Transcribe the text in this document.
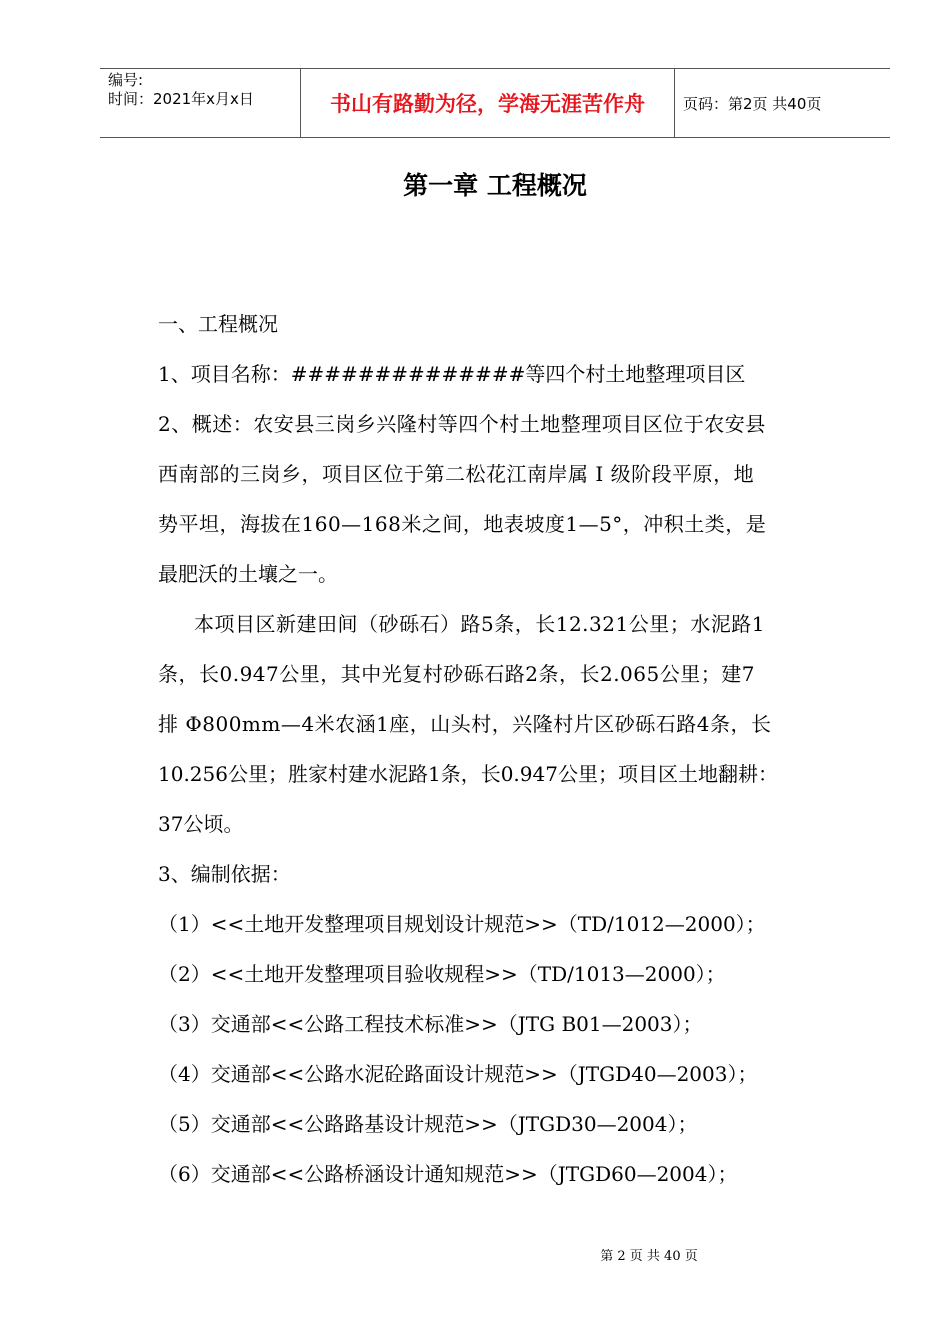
编号:
时间：2021年x月x日	书山有路勤为径，学海无涯苦作舟	页码：第2页 共40页
第一章 工程概况
一、工程概况
1、项目名称：##############等四个村土地整理项目区
2、概述：农安县三岗乡兴隆村等四个村土地整理项目区位于农安县
西南部的三岗乡，项目区位于第二松花江南岸属 I 级阶段平原，地
势平坦，海拔在160—168米之间，地表坡度1—5°，冲积土类，是
最肥沃的土壤之一。
本项目区新建田间（砂砾石）路5条，长12.321公里；水泥路1
条，长0.947公里，其中光复村砂砾石路2条，长2.065公里；建7
排 Φ800mm—4米农涵1座，山头村，兴隆村片区砂砾石路4条，长
10.256公里；胜家村建水泥路1条，长0.947公里；项目区土地翻耕：
37公顷。
3、编制依据：
（1）<<土地开发整理项目规划设计规范>>（TD/1012—2000）；
（2）<<土地开发整理项目验收规程>>（TD/1013—2000）；
（3）交通部<<公路工程技术标准>>（JTG B01—2003）；
（4）交通部<<公路水泥砼路面设计规范>>（JTGD40—2003）；
（5）交通部<<公路路基设计规范>>（JTGD30—2004）；
（6）交通部<<公路桥涵设计通知规范>>（JTGD60—2004）；
第 2 页 共 40 页
